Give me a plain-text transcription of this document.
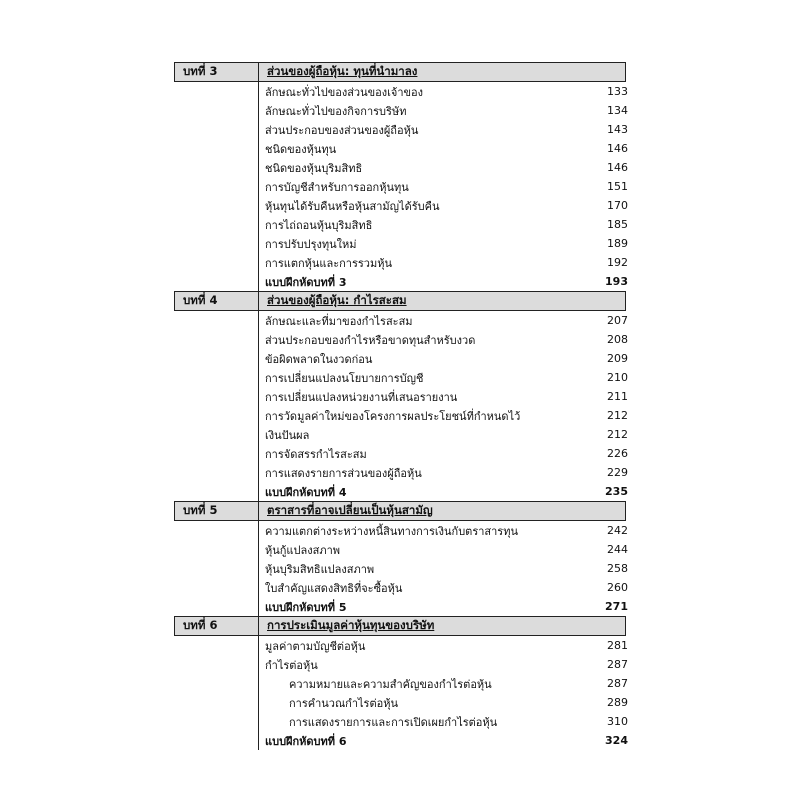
บทที่ 3	ส่วนของผู้ถือหุ้น: ทุนที่นำมาลง
ลักษณะทั่วไปของส่วนของเจ้าของ	133
ลักษณะทั่วไปของกิจการบริษัท	134
ส่วนประกอบของส่วนของผู้ถือหุ้น	143
ชนิดของหุ้นทุน	146
ชนิดของหุ้นบุริมสิทธิ	146
การบัญชีสำหรับการออกหุ้นทุน	151
หุ้นทุนได้รับคืนหรือหุ้นสามัญได้รับคืน	170
การไถ่ถอนหุ้นบุริมสิทธิ	185
การปรับปรุงทุนใหม่	189
การแตกหุ้นและการรวมหุ้น	192
แบบฝึกหัดบทที่ 3	193
บทที่ 4	ส่วนของผู้ถือหุ้น: กำไรสะสม
ลักษณะและที่มาของกำไรสะสม	207
ส่วนประกอบของกำไรหรือขาดทุนสำหรับงวด	208
ข้อผิดพลาดในงวดก่อน	209
การเปลี่ยนแปลงนโยบายการบัญชี	210
การเปลี่ยนแปลงหน่วยงานที่เสนอรายงาน	211
การวัดมูลค่าใหม่ของโครงการผลประโยชน์ที่กำหนดไว้	212
เงินปันผล	212
การจัดสรรกำไรสะสม	226
การแสดงรายการส่วนของผู้ถือหุ้น	229
แบบฝึกหัดบทที่ 4	235
บทที่ 5	ตราสารที่อาจเปลี่ยนเป็นหุ้นสามัญ
ความแตกต่างระหว่างหนี้สินทางการเงินกับตราสารทุน	242
หุ้นกู้แปลงสภาพ	244
หุ้นบุริมสิทธิแปลงสภาพ	258
ใบสำคัญแสดงสิทธิที่จะซื้อหุ้น	260
แบบฝึกหัดบทที่ 5	271
บทที่ 6	การประเมินมูลค่าหุ้นทุนของบริษัท
มูลค่าตามบัญชีต่อหุ้น	281
กำไรต่อหุ้น	287
ความหมายและความสำคัญของกำไรต่อหุ้น	287
การคำนวณกำไรต่อหุ้น	289
การแสดงรายการและการเปิดเผยกำไรต่อหุ้น	310
แบบฝึกหัดบทที่ 6	324
